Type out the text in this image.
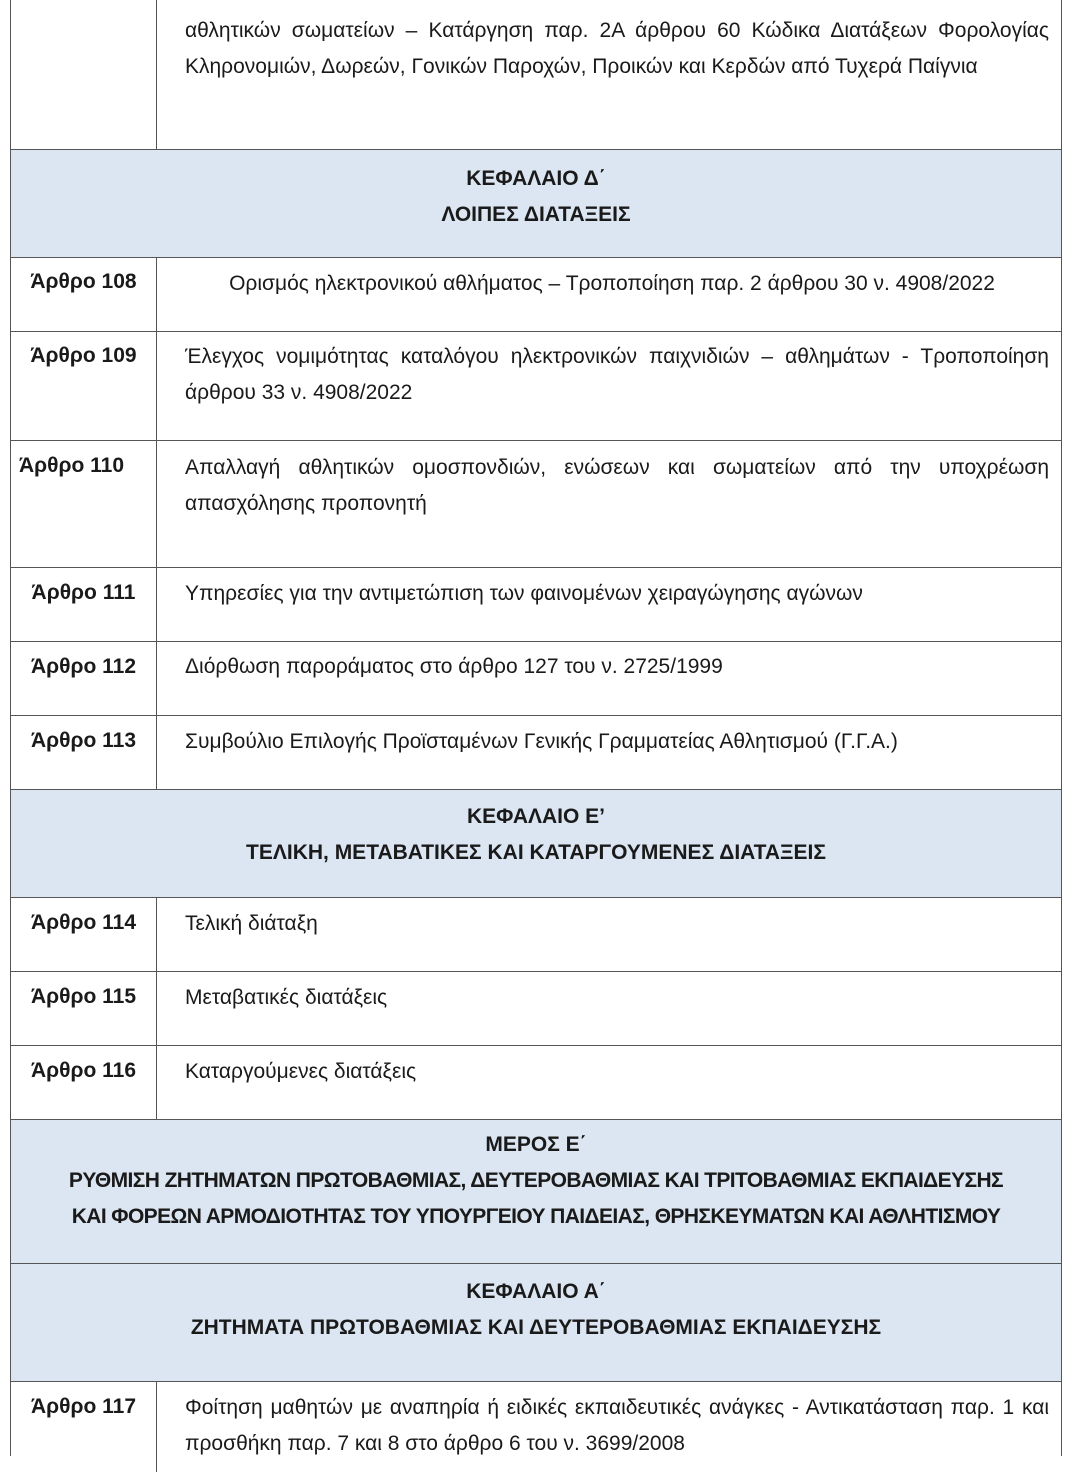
αθλητικών σωματείων – Κατάργηση παρ. 2Α άρθρου 60 Κώδικα Διατάξεων Φορολογίας Κληρονομιών, Δωρεών, Γονικών Παροχών, Προικών και Κερδών από Τυχερά Παίγνια
ΚΕΦΑΛΑΙΟ Δ΄
ΛΟΙΠΕΣ ΔΙΑΤΑΞΕΙΣ
Άρθρο 108	Ορισμός ηλεκτρονικού αθλήματος – Τροποποίηση παρ. 2 άρθρου 30 ν. 4908/2022
Άρθρο 109	Έλεγχος νομιμότητας καταλόγου ηλεκτρονικών παιχνιδιών – αθλημάτων - Τροποποίηση άρθρου 33 ν. 4908/2022
Άρθρο 110	Απαλλαγή αθλητικών ομοσπονδιών, ενώσεων και σωματείων από την υποχρέωση απασχόλησης προπονητή
Άρθρο 111	Υπηρεσίες για την αντιμετώπιση των φαινομένων χειραγώγησης αγώνων
Άρθρο 112	Διόρθωση παροράματος στο άρθρο 127 του ν. 2725/1999
Άρθρο 113	Συμβούλιο Επιλογής Προϊσταμένων Γενικής Γραμματείας Αθλητισμού (Γ.Γ.Α.)
ΚΕΦΑΛΑΙΟ Ε’
ΤΕΛΙΚΗ, ΜΕΤΑΒΑΤΙΚΕΣ ΚΑΙ ΚΑΤΑΡΓΟΥΜΕΝΕΣ ΔΙΑΤΑΞΕΙΣ
Άρθρο 114	Τελική διάταξη
Άρθρο 115	Μεταβατικές διατάξεις
Άρθρο 116	Καταργούμενες διατάξεις
ΜΕΡΟΣ Ε΄
ΡΥΘΜΙΣΗ ΖΗΤΗΜΑΤΩΝ ΠΡΩΤΟΒΑΘΜΙΑΣ, ΔΕΥΤΕΡΟΒΑΘΜΙΑΣ ΚΑΙ ΤΡΙΤΟΒΑΘΜΙΑΣ ΕΚΠΑΙΔΕΥΣΗΣ
ΚΑΙ ΦΟΡΕΩΝ ΑΡΜΟΔΙΟΤΗΤΑΣ ΤΟΥ ΥΠΟΥΡΓΕΙΟΥ ΠΑΙΔΕΙΑΣ, ΘΡΗΣΚΕΥΜΑΤΩΝ ΚΑΙ ΑΘΛΗΤΙΣΜΟΥ
ΚΕΦΑΛΑΙΟ Α΄
ΖΗΤΗΜΑΤΑ ΠΡΩΤΟΒΑΘΜΙΑΣ ΚΑΙ ΔΕΥΤΕΡΟΒΑΘΜΙΑΣ ΕΚΠΑΙΔΕΥΣΗΣ
Άρθρο 117	Φοίτηση μαθητών με αναπηρία ή ειδικές εκπαιδευτικές ανάγκες - Αντικατάσταση παρ. 1 και προσθήκη παρ. 7 και 8 στο άρθρο 6 του ν. 3699/2008
